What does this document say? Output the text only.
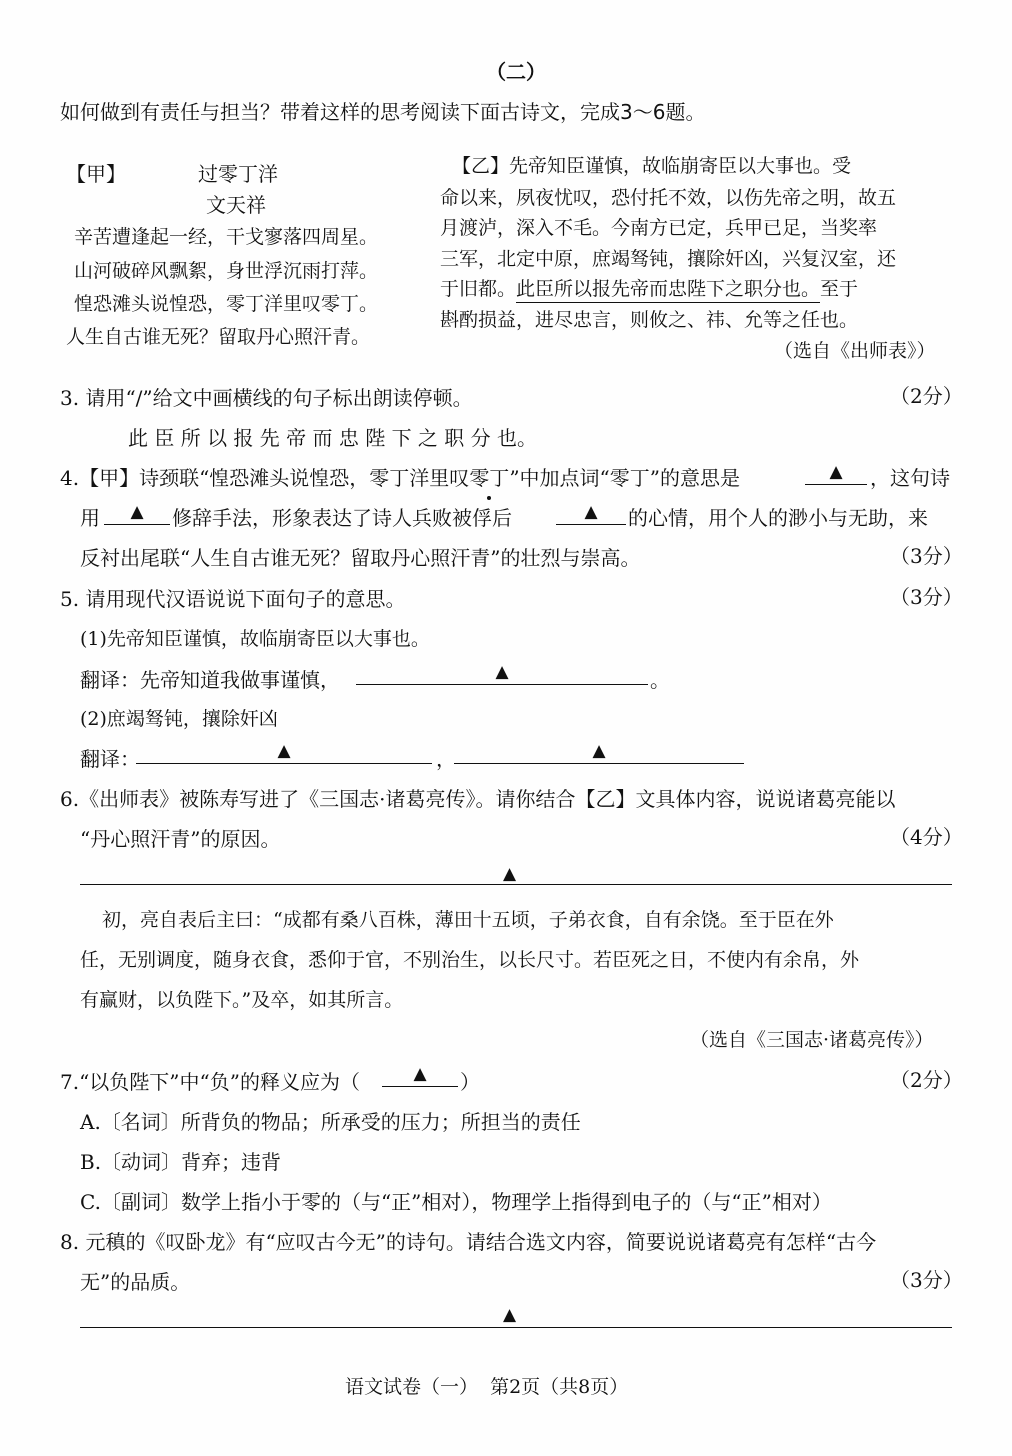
（二）
如何做到有责任与担当？带着这样的思考阅读下面古诗文，完成3～6题。
【甲】	过零丁洋
文天祥
辛苦遭逢起一经，干戈寥落四周星。
山河破碎风飘絮，身世浮沉雨打萍。
惶恐滩头说惶恐，零丁洋里叹零丁。
人生自古谁无死？留取丹心照汗青。
【乙】先帝知臣谨慎，故临崩寄臣以大事也。受
命以来，夙夜忧叹，恐付托不效，以伤先帝之明，故五
月渡泸，深入不毛。今南方已定，兵甲已足，当奖率
三军，北定中原，庶竭驽钝，攘除奸凶，兴复汉室，还
于旧都。此臣所以报先帝而忠陛下之职分也。至于
斟酌损益，进尽忠言，则攸之、祎、允等之任也。
（选自《出师表》）
3. 请用“/”给文中画横线的句子标出朗读停顿。	（2分）
此 臣 所 以 报 先 帝 而 忠 陛 下 之 职 分 也。
4.【甲】诗颈联“惶恐滩头说惶恐，零丁洋里叹零丁”中加点词“零丁”的意思是	▲	，这句诗
用	▲	修辞手法，形象表达了诗人兵败被俘后	▲	的心情，用个人的渺小与无助，来
反衬出尾联“人生自古谁无死？留取丹心照汗青”的壮烈与崇高。	（3分）
5. 请用现代汉语说说下面句子的意思。	（3分）
(1)先帝知臣谨慎，故临崩寄臣以大事也。
翻译：先帝知道我做事谨慎，	▲	。
(2)庶竭驽钝，攘除奸凶
翻译：	▲	，	▲
6.《出师表》被陈寿写进了《三国志·诸葛亮传》。请你结合【乙】文具体内容，说说诸葛亮能以
“丹心照汗青”的原因。	（4分）
▲
初，亮自表后主曰：“成都有桑八百株，薄田十五顷，子弟衣食，自有余饶。至于臣在外
任，无别调度，随身衣食，悉仰于官，不别治生，以长尺寸。若臣死之日，不使内有余帛，外
有赢财，以负陛下。”及卒，如其所言。
（选自《三国志·诸葛亮传》）
7.“以负陛下”中“负”的释义应为（	▲	）	（2分）
A.〔名词〕所背负的物品；所承受的压力；所担当的责任
B.〔动词〕背弃；违背
C.〔副词〕数学上指小于零的（与“正”相对），物理学上指得到电子的（与“正”相对）
8. 元稹的《叹卧龙》有“应叹古今无”的诗句。请结合选文内容，简要说说诸葛亮有怎样“古今
无”的品质。	（3分）
▲
语文试卷（一）  第2页（共8页）
